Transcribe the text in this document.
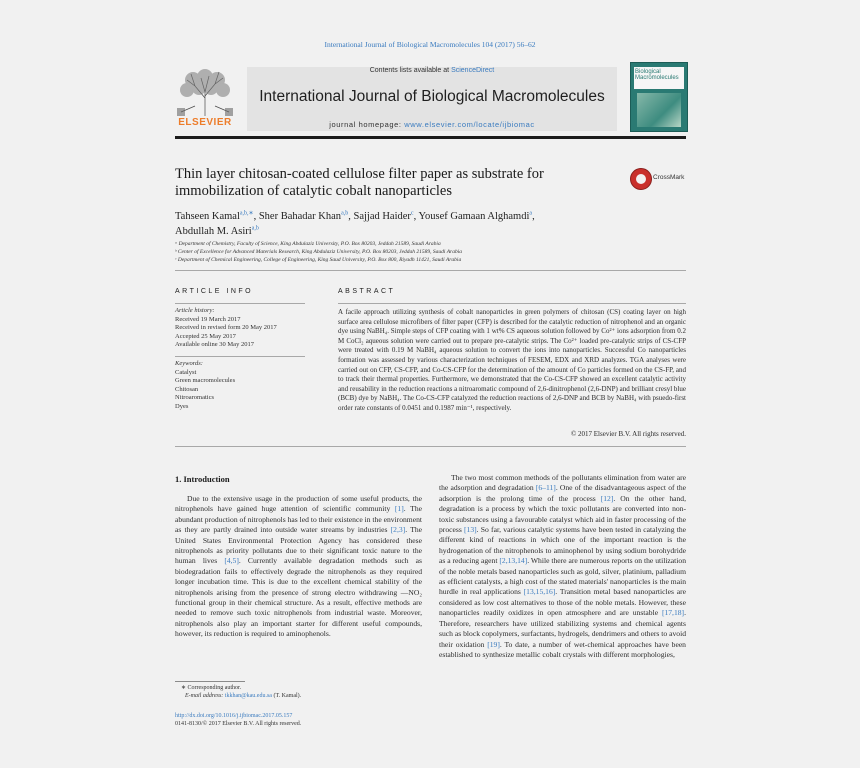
International Journal of Biological Macromolecules 104 (2017) 56–62
ELSEVIER
Contents lists available at ScienceDirect
International Journal of Biological Macromolecules
journal homepage: www.elsevier.com/locate/ijbiomac
Biological Macromolecules
Thin layer chitosan-coated cellulose filter paper as substrate for immobilization of catalytic cobalt nanoparticles
CrossMark
Tahseen Kamal$^{a,b,∗}$, Sher Bahadar Khan$^{a,b}$, Sajjad Haider$^c$, Yousef Gamaan Alghamdi$^a$,
Abdullah M. Asiri$^{a,b}$
ᵃ Department of Chemistry, Faculty of Science, King Abdulaziz University, P.O. Box 80203, Jeddah 21589, Saudi Arabia
ᵇ Center of Excellence for Advanced Materials Research, King Abdulaziz University, P.O. Box 80203, Jeddah 21589, Saudi Arabia
ᶜ Department of Chemical Engineering, College of Engineering, King Saud University, P.O. Box 800, Riyadh 11421, Saudi Arabia
ARTICLE INFO
Article history:
Received 19 March 2017
Received in revised form 20 May 2017
Accepted 25 May 2017
Available online 30 May 2017
Keywords:
Catalyst
Green macromolecules
Chitosan
Nitroaromatics
Dyes
ABSTRACT
A facile approach utilizing synthesis of cobalt nanoparticles in green polymers of chitosan (CS) coating layer on high surface area cellulose microfibers of filter paper (CFP) is described for the catalytic reduction of nitrophenol and an organic dye using NaBH₄. Simple steps of CFP coating with 1 wt% CS aqueous solution followed by Co²⁺ ions adsorption from 0.2 M CoCl₂ aqueous solution were carried out to prepare pre-catalytic strips. The Co²⁺ loaded pre-catalytic strips of CS-CFP were treated with 0.19 M NaBH₄ aqueous solution to convert the ions into nanoparticles. Successful Co nanoparticles formation was assessed by various characterization techniques of FESEM, EDX and XRD analyzes. TGA analyses were carried out on CFP, CS-CFP, and Co-CS-CFP for the determination of the amount of Co particles formed on the CS-FP, and to track their thermal properties. Furthermore, we demonstrated that the Co-CS-CFP showed an excellent catalytic activity and reusability in the reduction reactions a nitroaromatic compound of 2,6-dinitrophenol (2,6-DNP) and brilliant cresyl blue (BCB) dye by NaBH₄. The Co-CS-CFP catalyzed the reduction reactions of 2,6-DNP and BCB by NaBH₄ with psuedo-first order rate constants of 0.0451 and 0.1987 min⁻¹, respectively.
© 2017 Elsevier B.V. All rights reserved.
1. Introduction
Due to the extensive usage in the production of some useful products, the nitrophenols have gained huge attention of scientific community [1]. The abundant production of nitrophenols has led to their existence in the environment as they are partly drained into outside water streams by industries [2,3]. The United States Environmental Protection Agency has considered these nitrophenols as priority pollutants due to their significant toxic nature to the human lives [4,5]. Currently available degradation methods such as biodegradation fails to effectively degrade the nitrophenols as they required longer incubation time. This is due to the excellent chemical stability of the nitrophenols arising from the presence of strong electro withdrawing —NO₂ functional group in their chemical structure. As a result, effective methods are needed to remove such toxic nitrophenols from industrial waste. Moreover, nitrophenols also play an important starter for different useful compounds, however, its reduction is required to aminophenols.
The two most common methods of the pollutants elimination from water are the adsorption and degradation [6–11]. One of the disadvantageous aspect of the adsorption is the prolong time of the process [12]. On the other hand, degradation is a process by which the toxic pollutants are converted into non-toxic substances using a favourable catalyst which aid in faster processing of the process [13]. So far, various catalytic systems have been tested in catalyzing the different kind of reactions in which one of the important reaction is the hydrogenation of the nitrophenols to aminophenol by using sodium borohydride as a reducing agent [2,13,14]. While there are numerous reports on the utilization of the noble metals based nanoparticles such as gold, silver, platinium, palladium as efficient catalysts, a high cost of the stated materials' nanoparticles is the main hurdle in real applications [13,15,16]. Transition metal based nanoparticles are considered as low cost alternatives to those of the noble metals. However, these nanoparticles readily oxidizes in open atmosphere and are unstable [17,18]. Therefore, researchers have utilized stabilizing systems and chemical agents such as block copolymers, surfactants, hydrogels, dendrimers and others to avoid their oxidation [19]. To date, a number of wet-chemical approaches have been established to synthesize metallic cobalt crystals with different morphologies,
∗ Corresponding author.
E-mail address: tkkhan@kau.edu.sa (T. Kamal).
http://dx.doi.org/10.1016/j.ijbiomac.2017.05.157
0141-8130/© 2017 Elsevier B.V. All rights reserved.
